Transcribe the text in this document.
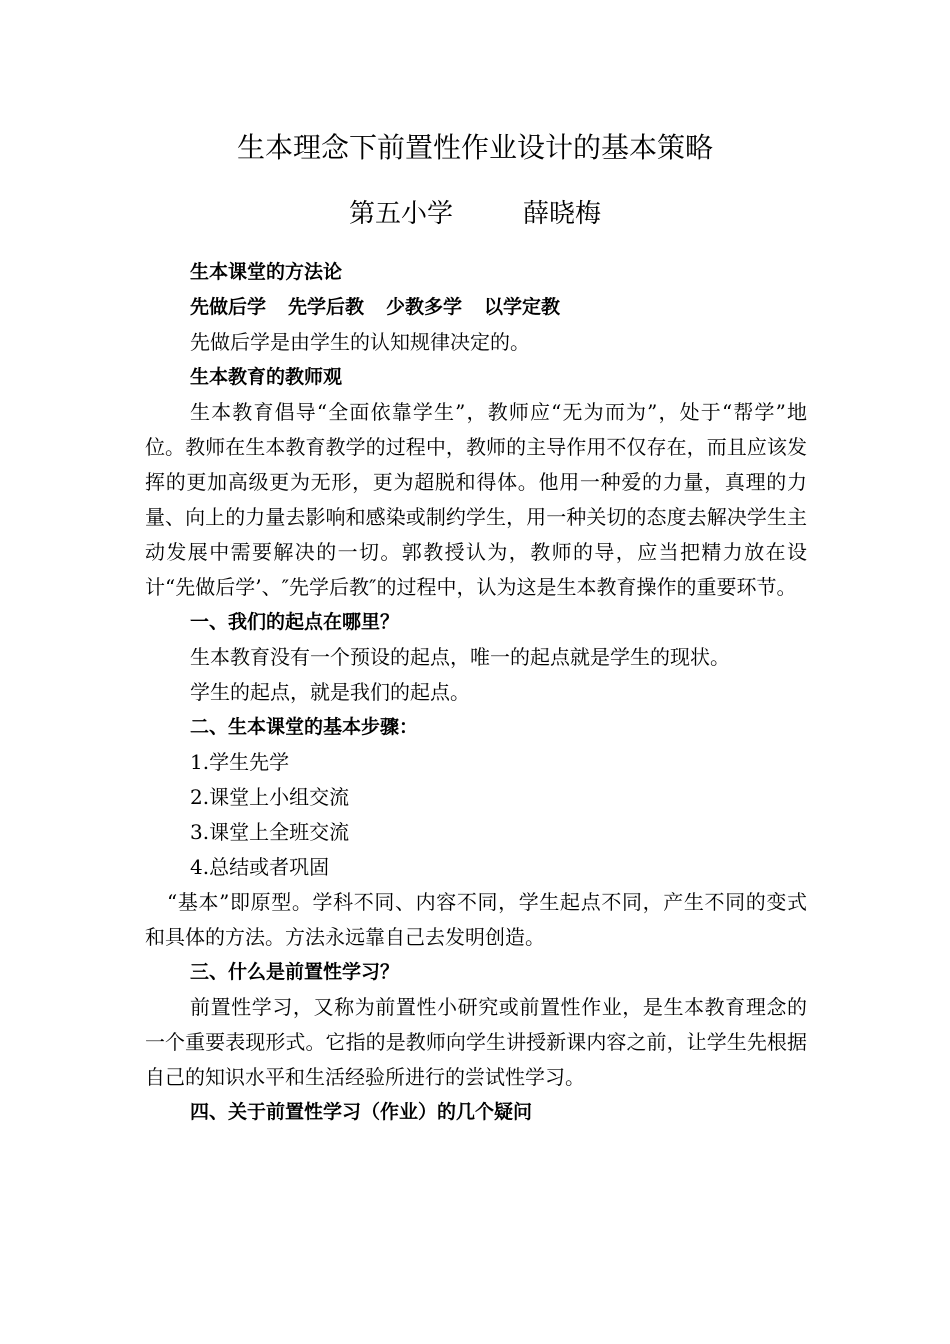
生本理念下前置性作业设计的基本策略
第五小学	薛晓梅

生本课堂的方法论

先做后学 先学后教 少教多学 以学定教

先做后学是由学生的认知规律决定的。

生本教育的教师观

生本教育倡导“全面依靠学生”，教师应“无为而为”，处于“帮学”地位。教师在生本教育教学的过程中，教师的主导作用不仅存在，而且应该发挥的更加高级更为无形，更为超脱和得体。他用一种爱的力量，真理的力量、向上的力量去影响和感染或制约学生，用一种关切的态度去解决学生主动发展中需要解决的一切。郭教授认为，教师的导，应当把精力放在设计“先做后学’、″先学后教″的过程中，认为这是生本教育操作的重要环节。

一、我们的起点在哪里？

生本教育没有一个预设的起点，唯一的起点就是学生的现状。

学生的起点，就是我们的起点。

二、生本课堂的基本步骤：

1.学生先学

2.课堂上小组交流

3.课堂上全班交流

4.总结或者巩固

“基本”即原型。学科不同、内容不同，学生起点不同，产生不同的变式和具体的方法。方法永远靠自己去发明创造。

三、什么是前置性学习？

前置性学习，又称为前置性小研究或前置性作业，是生本教育理念的一个重要表现形式。它指的是教师向学生讲授新课内容之前，让学生先根据自己的知识水平和生活经验所进行的尝试性学习。

四、关于前置性学习（作业）的几个疑问
